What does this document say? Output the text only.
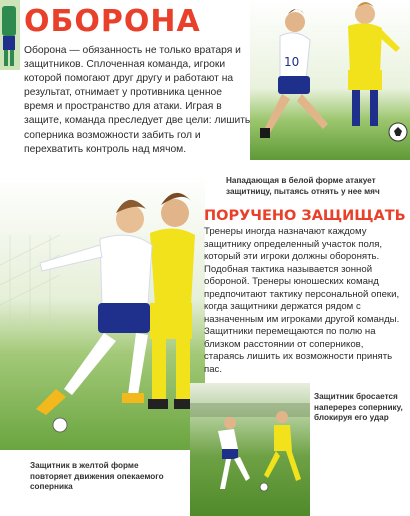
ОБОРОНА
Оборона — обязанность не только вратаря и защитников. Сплоченная команда, игроки которой помогают друг другу и работают на результат, отнимает у противника ценное время и пространство для атаки. Играя в защите, команда преследует две цели: лишить соперника возможности забить гол и перехватить контроль над мячом.
10
Нападающая в белой форме атакует защитницу, пытаясь отнять у нее мяч
ПОРУЧЕНО ЗАЩИЩАТЬ
Тренеры иногда назначают каждому защитнику определенный участок поля, который эти игроки должны оборонять. Подобная тактика называется зонной обороной. Тренеры юношеских команд предпочитают тактику персональной опеки, когда защитники держатся рядом с назначенным им игроками другой команды. Защитники перемещаются по полю на близком расстоянии от соперников, стараясь лишить их возможности принять пас.
Защитник бросается наперерез сопернику, блокируя его удар
Защитник в желтой форме повторяет движения опекаемого соперника
